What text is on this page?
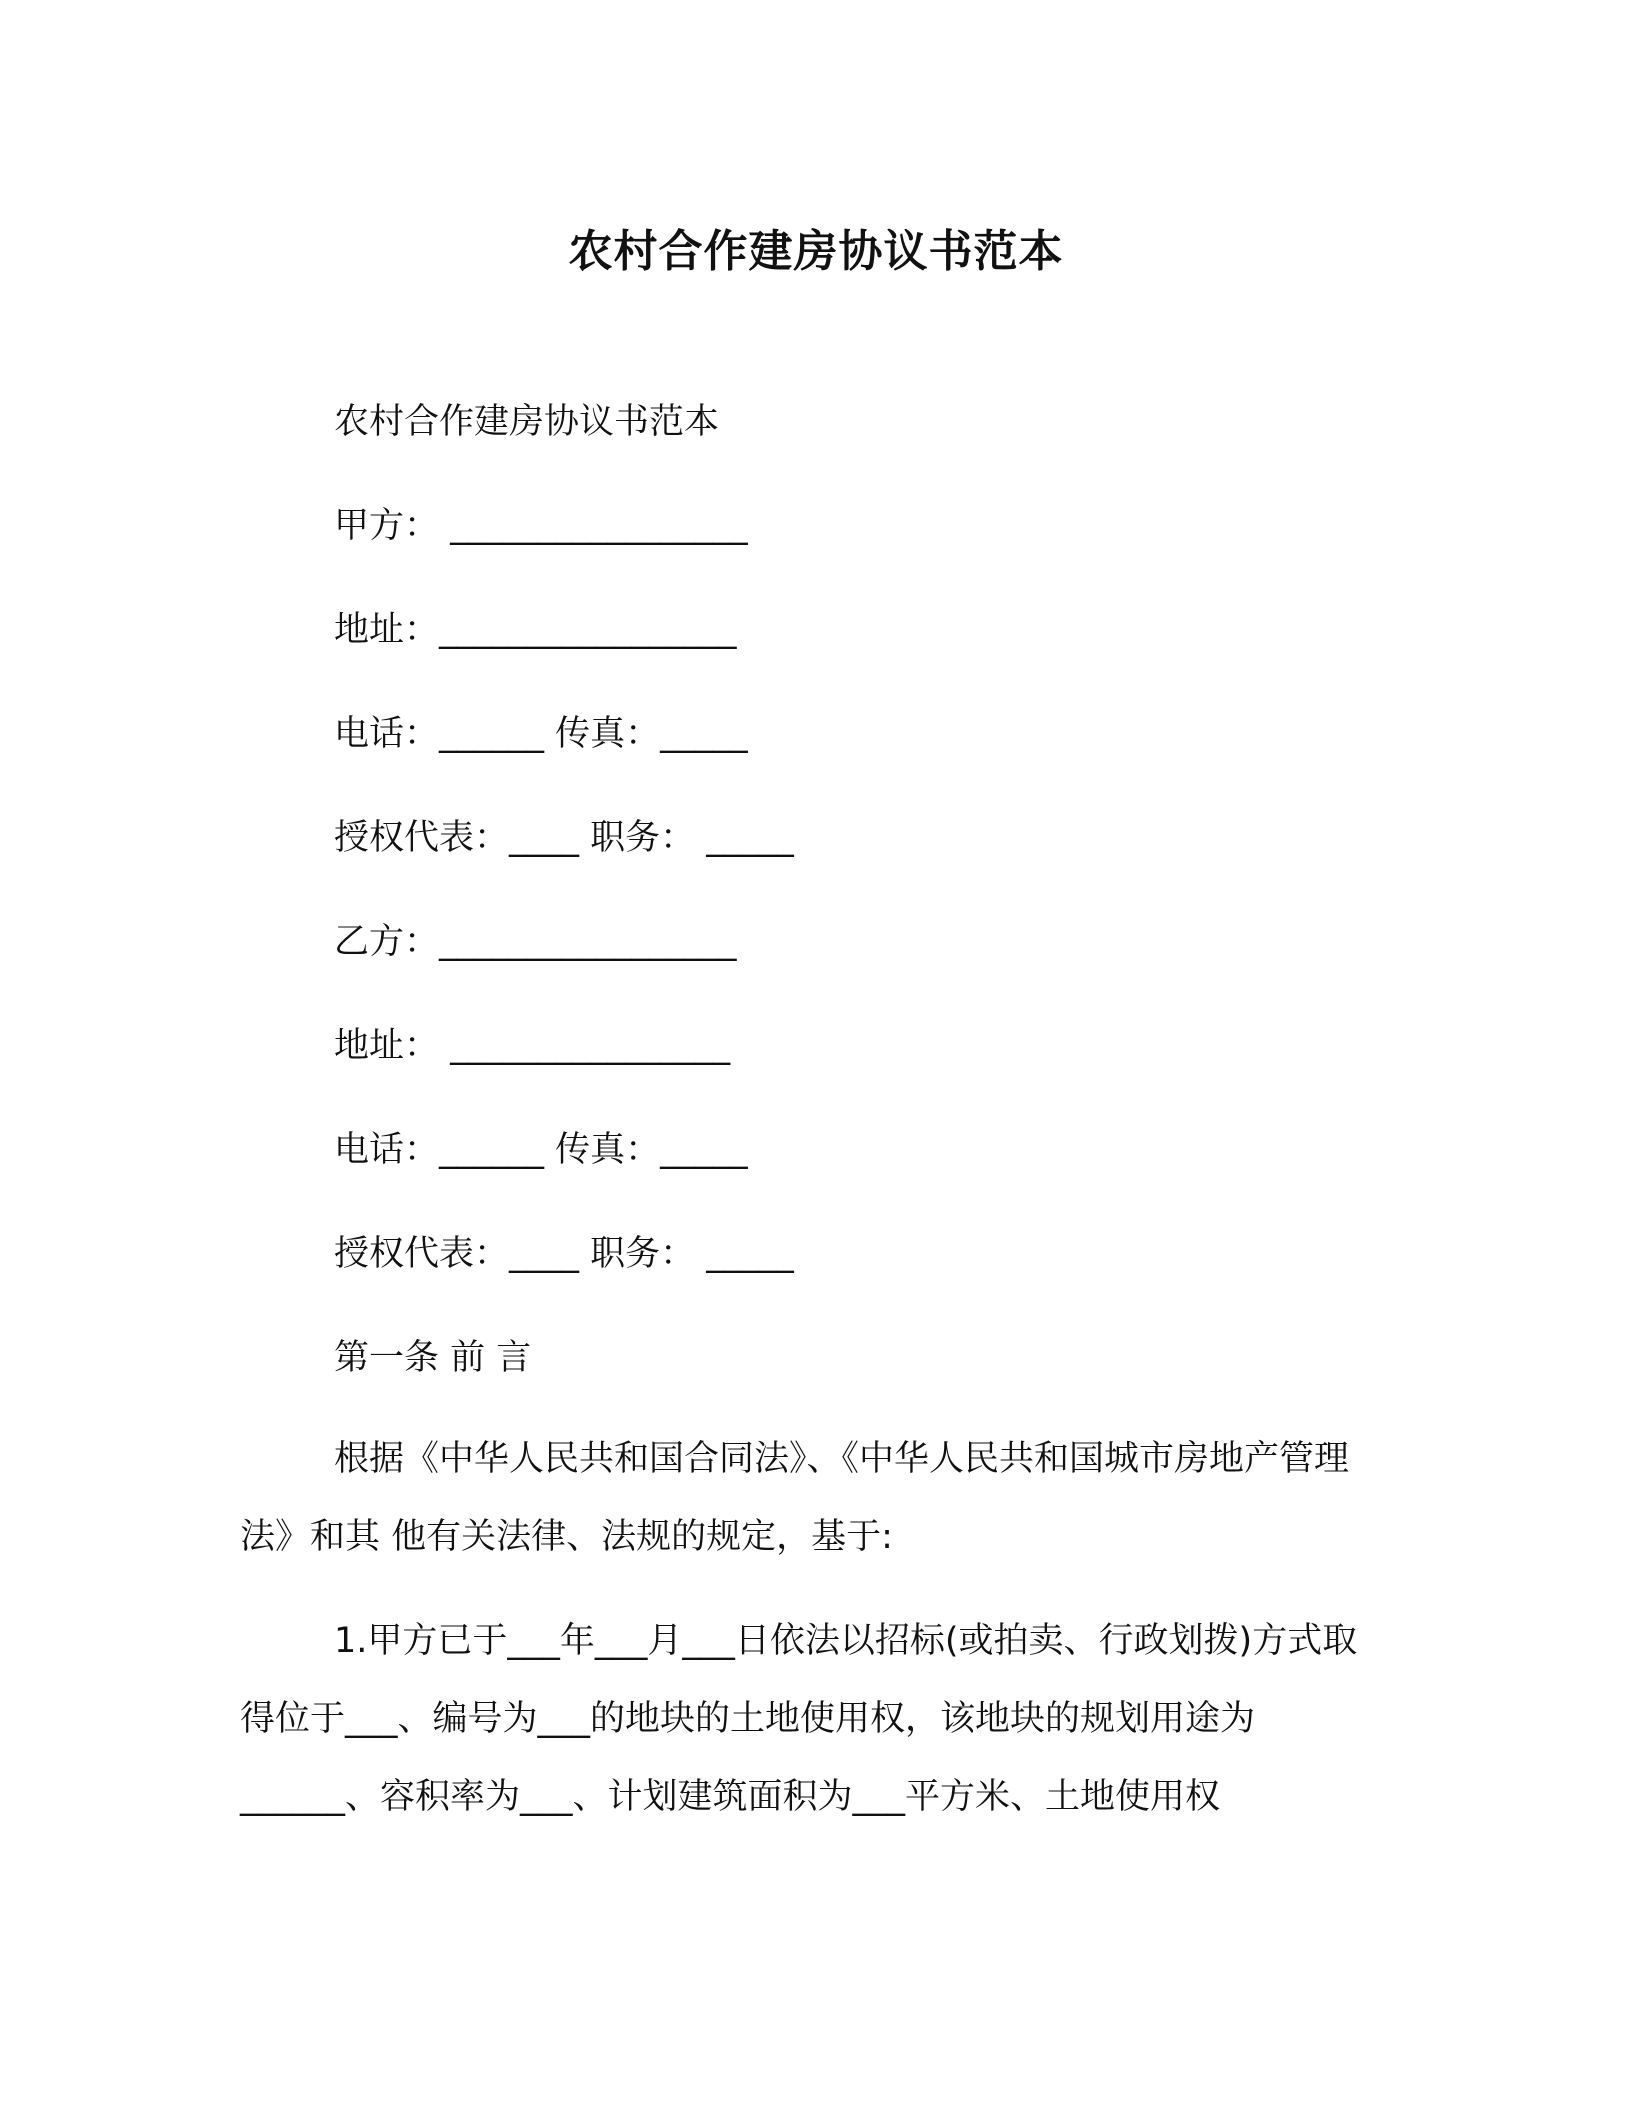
农村合作建房协议书范本
农村合作建房协议书范本
甲方： _________________
地址：_________________
电话：______ 传真：_____
授权代表：____ 职务： _____
乙方：_________________
地址： ________________
电话：______ 传真：_____
授权代表：____ 职务： _____
第一条 前 言
根据《中华人民共和国合同法》、《中华人民共和国城市房地产管理法》和其 他有关法律、法规的规定，基于:
1.甲方已于___年___月___日依法以招标(或拍卖、行政划拨)方式取得位于___、编号为___的地块的土地使用权，该地块的规划用途为 ______、容积率为___、计划建筑面积为___平方米、土地使用权
